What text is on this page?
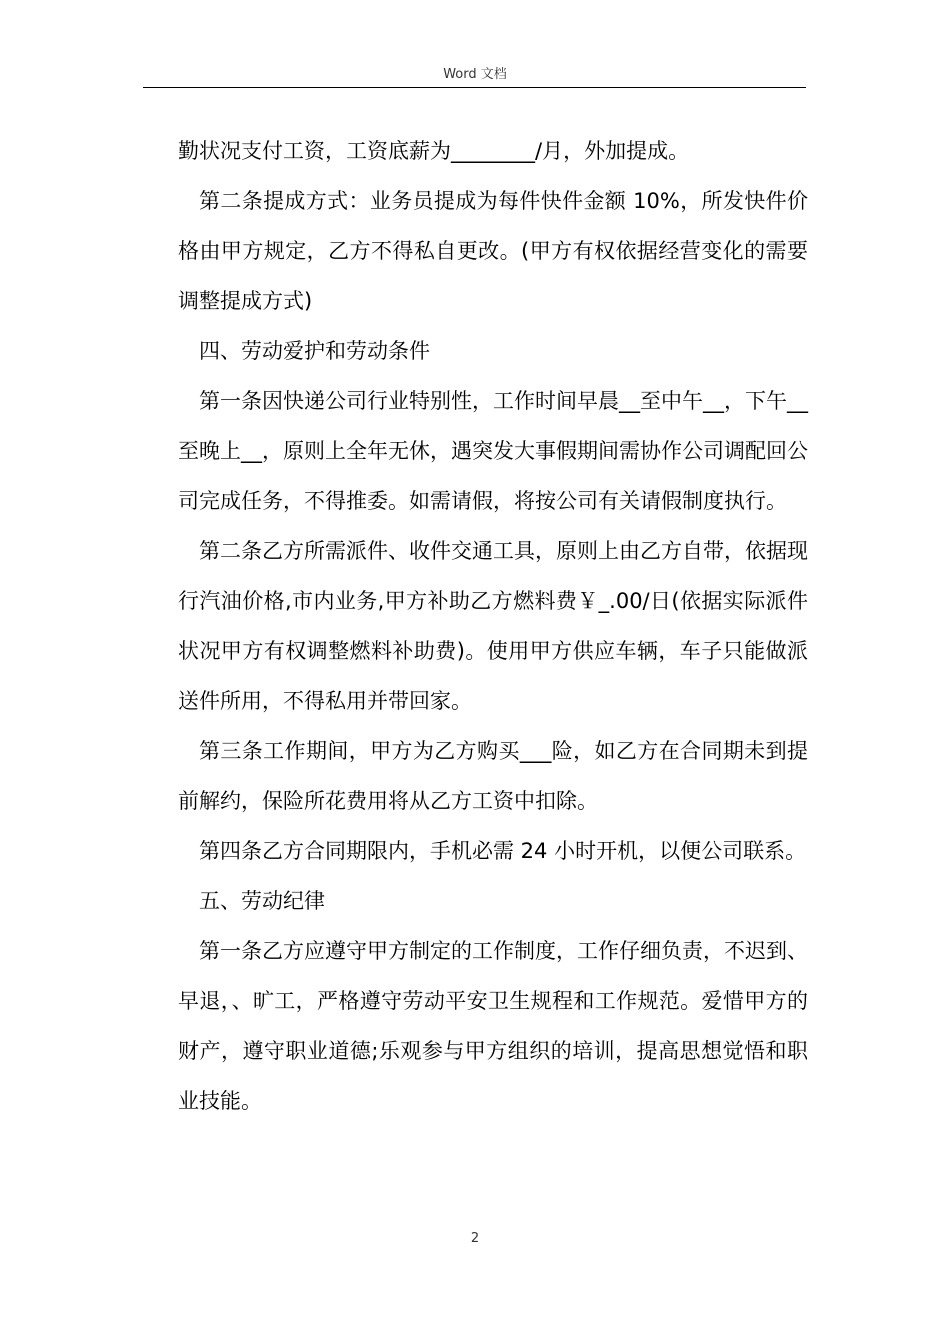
Word 文档

勤状况支付工资，工资底薪为________/月，外加提成。

第二条提成方式：业务员提成为每件快件金额 10%，所发快件价格由甲方规定，乙方不得私自更改。(甲方有权依据经营变化的需要调整提成方式)

四、劳动爱护和劳动条件

第一条因快递公司行业特别性，工作时间早晨__至中午__，下午__至晚上__，原则上全年无休，遇突发大事假期间需协作公司调配回公司完成任务，不得推委。如需请假，将按公司有关请假制度执行。

第二条乙方所需派件、收件交通工具，原则上由乙方自带，依据现行汽油价格,市内业务,甲方补助乙方燃料费￥_.00/日(依据实际派件状况甲方有权调整燃料补助费)。使用甲方供应车辆，车子只能做派送件所用，不得私用并带回家。

第三条工作期间，甲方为乙方购买___险，如乙方在合同期未到提前解约，保险所花费用将从乙方工资中扣除。

第四条乙方合同期限内，手机必需 24 小时开机，以便公司联系。

五、劳动纪律

第一条乙方应遵守甲方制定的工作制度，工作仔细负责，不迟到、早退，、旷工，严格遵守劳动平安卫生规程和工作规范。爱惜甲方的财产，遵守职业道德;乐观参与甲方组织的培训，提高思想觉悟和职业技能。

2
